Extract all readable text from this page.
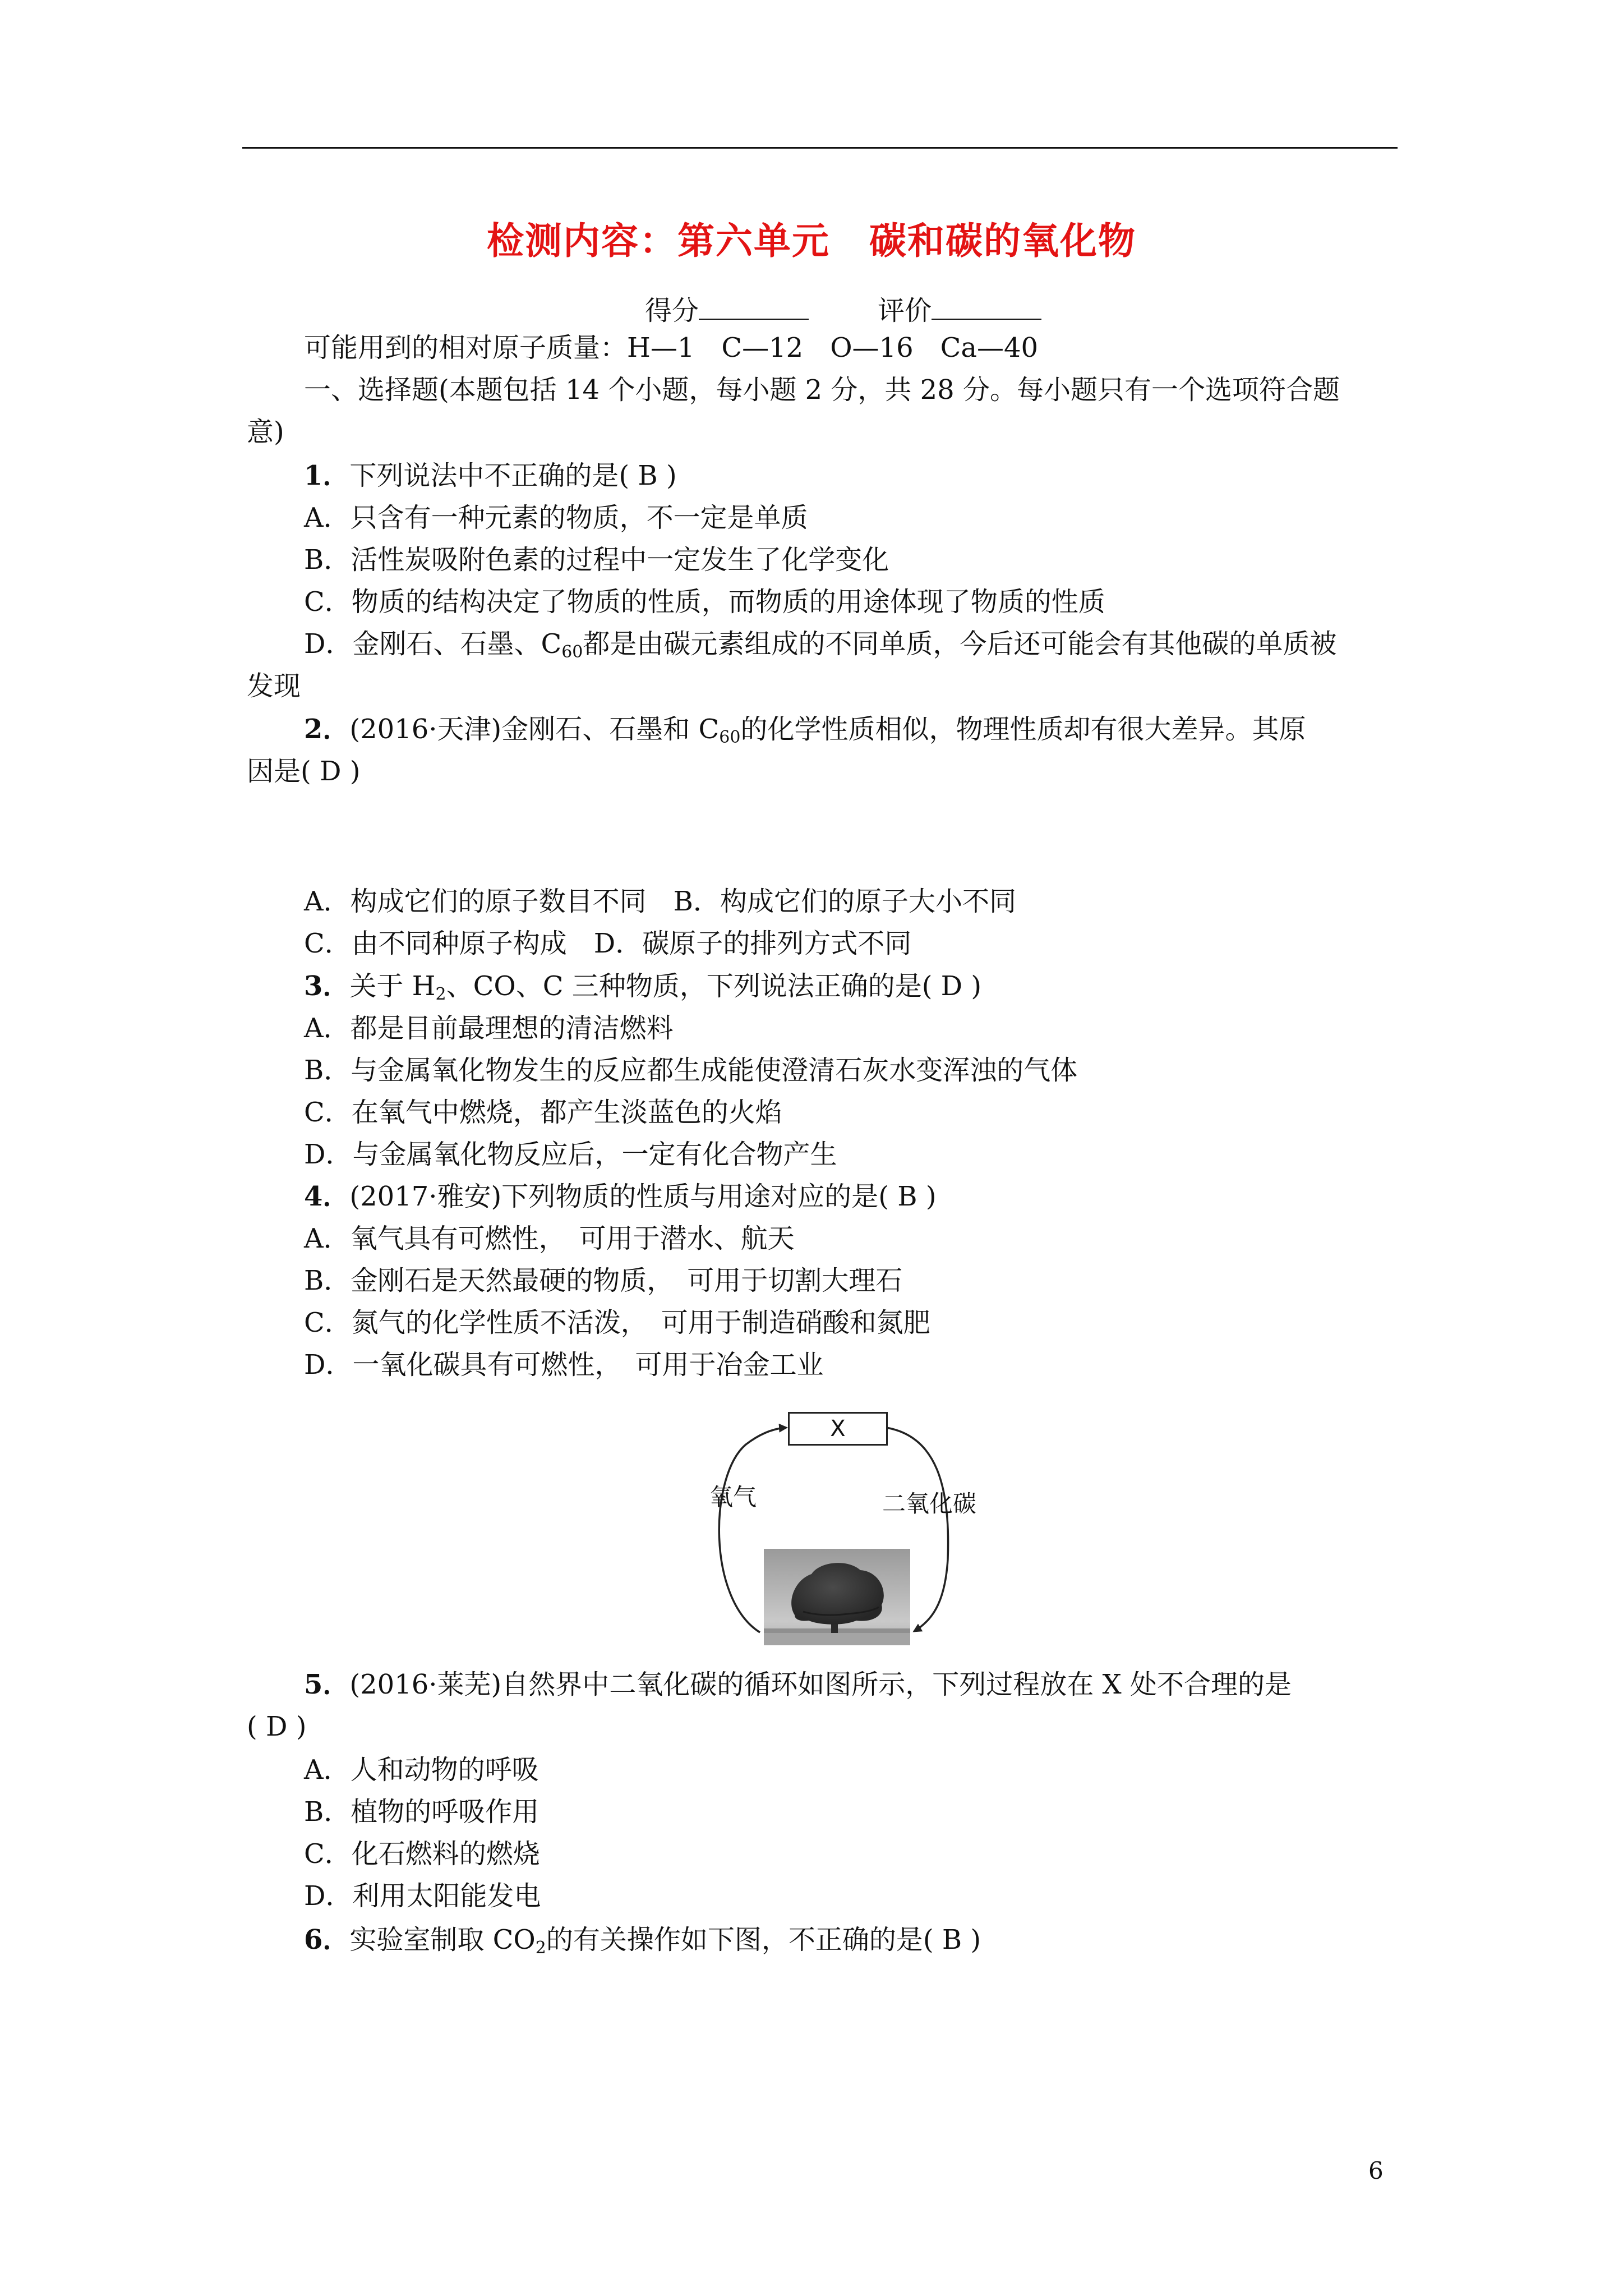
检测内容：第六单元 碳和碳的氧化物
得分	评价
可能用到的相对原子质量：H—1　C—12　O—16　Ca—40
一、选择题(本题包括 14 个小题，每小题 2 分，共 28 分。每小题只有一个选项符合题
意)
1．下列说法中不正确的是( B )
A．只含有一种元素的物质，不一定是单质
B．活性炭吸附色素的过程中一定发生了化学变化
C．物质的结构决定了物质的性质，而物质的用途体现了物质的性质
D．金刚石、石墨、$C_{60}$都是由碳元素组成的不同单质，今后还可能会有其他碳的单质被
发现
2．(2016·天津)金刚石、石墨和 $C_{60}$的化学性质相似，物理性质却有很大差异。其原
因是( D )
A．构成它们的原子数目不同　B．构成它们的原子大小不同
C．由不同种原子构成　D．碳原子的排列方式不同
3．关于 $H_2$、CO、C 三种物质，下列说法正确的是( D )
A．都是目前最理想的清洁燃料
B．与金属氧化物发生的反应都生成能使澄清石灰水变浑浊的气体
C．在氧气中燃烧，都产生淡蓝色的火焰
D．与金属氧化物反应后，一定有化合物产生
4．(2017·雅安)下列物质的性质与用途对应的是( B )
A．氧气具有可燃性，　可用于潜水、航天
B．金刚石是天然最硬的物质，　可用于切割大理石
C．氮气的化学性质不活泼，　可用于制造硝酸和氮肥
D．一氧化碳具有可燃性，　可用于冶金工业
X
氧气	二氧化碳
5．(2016·莱芜)自然界中二氧化碳的循环如图所示，下列过程放在 X 处不合理的是
( D )
A．人和动物的呼吸
B．植物的呼吸作用
C．化石燃料的燃烧
D．利用太阳能发电
6．实验室制取 $CO_2$的有关操作如下图，不正确的是( B )
6
